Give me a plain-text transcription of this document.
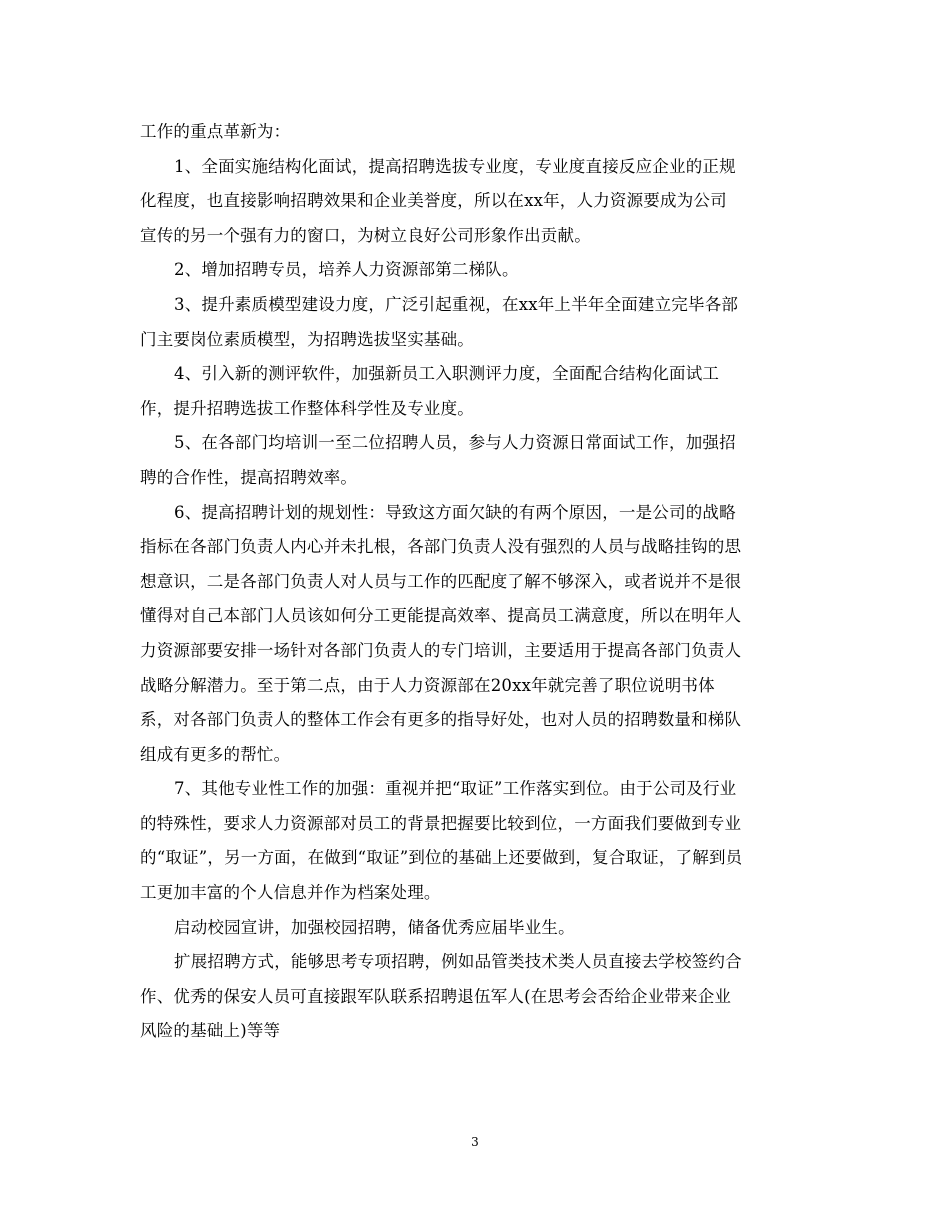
工作的重点革新为：
1、全面实施结构化面试，提高招聘选拔专业度，专业度直接反应企业的正规
化程度，也直接影响招聘效果和企业美誉度，所以在xx年，人力资源要成为公司
宣传的另一个强有力的窗口，为树立良好公司形象作出贡献。
2、增加招聘专员，培养人力资源部第二梯队。
3、提升素质模型建设力度，广泛引起重视，在xx年上半年全面建立完毕各部
门主要岗位素质模型，为招聘选拔坚实基础。
4、引入新的测评软件，加强新员工入职测评力度，全面配合结构化面试工
作，提升招聘选拔工作整体科学性及专业度。
5、在各部门均培训一至二位招聘人员，参与人力资源日常面试工作，加强招
聘的合作性，提高招聘效率。
6、提高招聘计划的规划性：导致这方面欠缺的有两个原因，一是公司的战略
指标在各部门负责人内心并未扎根，各部门负责人没有强烈的人员与战略挂钩的思
想意识，二是各部门负责人对人员与工作的匹配度了解不够深入，或者说并不是很
懂得对自己本部门人员该如何分工更能提高效率、提高员工满意度，所以在明年人
力资源部要安排一场针对各部门负责人的专门培训，主要适用于提高各部门负责人
战略分解潜力。至于第二点，由于人力资源部在20xx年就完善了职位说明书体
系，对各部门负责人的整体工作会有更多的指导好处，也对人员的招聘数量和梯队
组成有更多的帮忙。
7、其他专业性工作的加强：重视并把“取证”工作落实到位。由于公司及行业
的特殊性，要求人力资源部对员工的背景把握要比较到位，一方面我们要做到专业
的“取证”，另一方面，在做到“取证”到位的基础上还要做到，复合取证，了解到员
工更加丰富的个人信息并作为档案处理。
启动校园宣讲，加强校园招聘，储备优秀应届毕业生。
扩展招聘方式，能够思考专项招聘，例如品管类技术类人员直接去学校签约合
作、优秀的保安人员可直接跟军队联系招聘退伍军人(在思考会否给企业带来企业
风险的基础上)等等
3
